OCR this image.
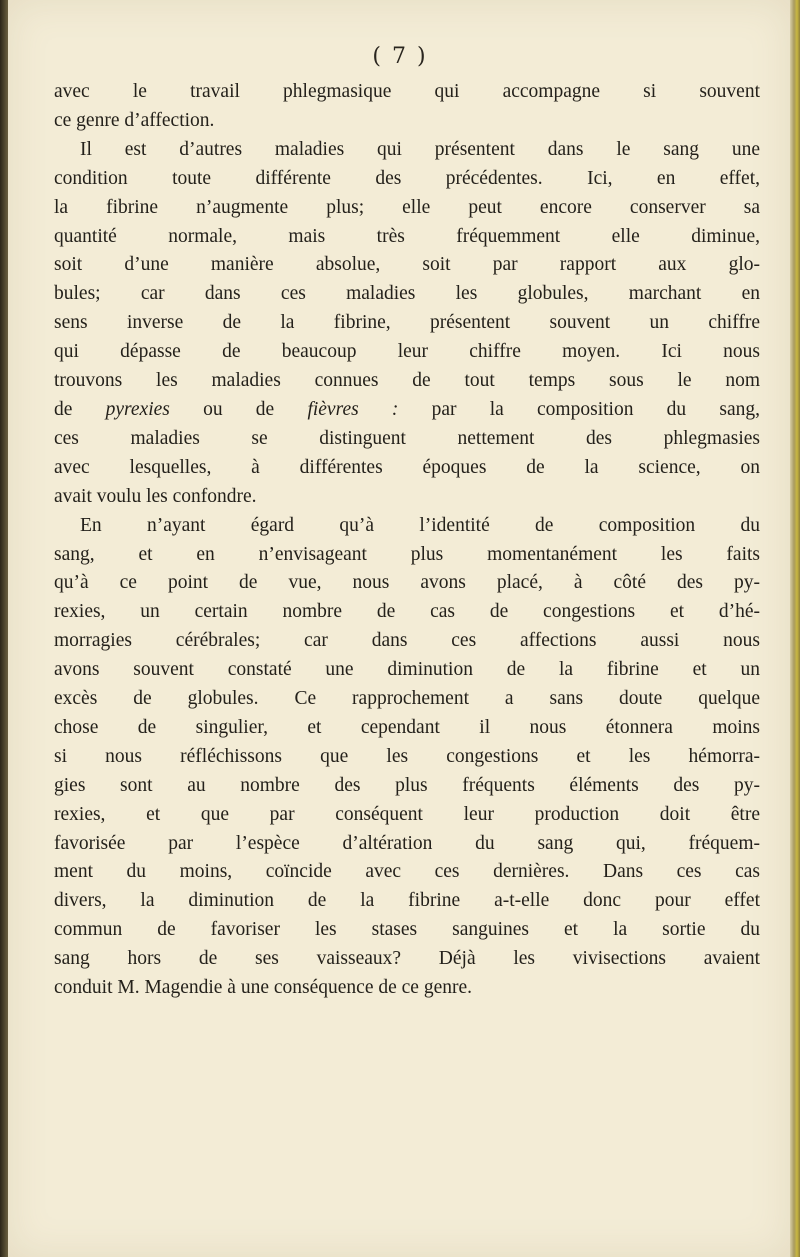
( 7 )
avec le travail phlegmasique qui accompagne si souvent
ce genre d’affection.
Il est d’autres maladies qui présentent dans le sang une
condition toute différente des précédentes. Ici, en effet,
la fibrine n’augmente plus; elle peut encore conserver sa
quantité normale, mais très fréquemment elle diminue,
soit d’une manière absolue, soit par rapport aux glo-
bules; car dans ces maladies les globules, marchant en
sens inverse de la fibrine, présentent souvent un chiffre
qui dépasse de beaucoup leur chiffre moyen. Ici nous
trouvons les maladies connues de tout temps sous le nom
de pyrexies ou de fièvres : par la composition du sang,
ces maladies se distinguent nettement des phlegmasies
avec lesquelles, à différentes époques de la science, on
avait voulu les confondre.
En n’ayant égard qu’à l’identité de composition du
sang, et en n’envisageant plus momentanément les faits
qu’à ce point de vue, nous avons placé, à côté des py-
rexies, un certain nombre de cas de congestions et d’hé-
morragies cérébrales; car dans ces affections aussi nous
avons souvent constaté une diminution de la fibrine et un
excès de globules. Ce rapprochement a sans doute quelque
chose de singulier, et cependant il nous étonnera moins
si nous réfléchissons que les congestions et les hémorra-
gies sont au nombre des plus fréquents éléments des py-
rexies, et que par conséquent leur production doit être
favorisée par l’espèce d’altération du sang qui, fréquem-
ment du moins, coïncide avec ces dernières. Dans ces cas
divers, la diminution de la fibrine a-t-elle donc pour effet
commun de favoriser les stases sanguines et la sortie du
sang hors de ses vaisseaux? Déjà les vivisections avaient
conduit M. Magendie à une conséquence de ce genre.
